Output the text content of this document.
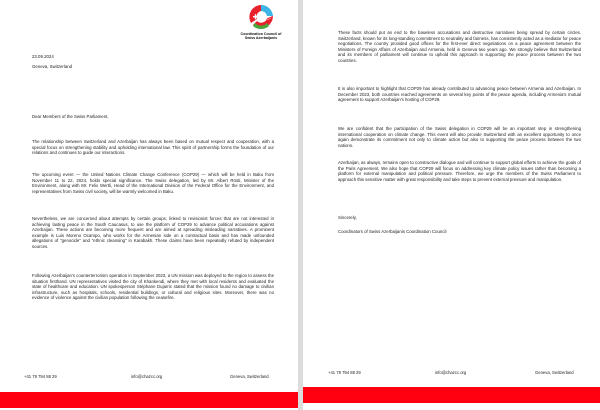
C*
Coordination Council of
Swiss Azerbaijanis

23.09.2024

Geneva, Switzerland

Dear Members of the Swiss Parliament,

The relationship between Switzerland and Azerbaijan has always been based on mutual respect and cooperation, with a special focus on strengthening stability and upholding international law. This spirit of partnership forms the foundation of our relations and continues to guide our interactions.

The upcoming event — the United Nations Climate Change Conference (COP29) — which will be held in Baku from November 11 to 22, 2024, holds special significance. The Swiss delegation, led by Mr. Albert Rösti, Minister of the Environment, along with Mr. Felix Wertli, Head of the International Division of the Federal Office for the Environment, and representatives from Swiss civil society, will be warmly welcomed in Baku.

Nevertheless, we are concerned about attempts by certain groups, linked to revisionist forces that are not interested in achieving lasting peace in the South Caucasus, to use the platform of COP29 to advance political accusations against Azerbaijan. These actions are becoming more frequent and are aimed at spreading misleading narratives. A prominent example is Luis Moreno Ocampo, who works for the Armenian side on a contractual basis and has made unfounded allegations of "genocide" and "ethnic cleansing" in Karabakh. These claims have been repeatedly refuted by independent sources.

Following Azerbaijan's counterterrorism operation in September 2023, a UN mission was deployed to the region to assess the situation firsthand. UN representatives visited the city of Khankendi, where they met with local residents and evaluated the state of healthcare and education. UN spokesperson Stéphane Dujarric stated that the mission found no damage to civilian infrastructure, such as hospitals, schools, residential buildings, or cultural and religious sites. Moreover, there was no evidence of violence against the civilian population following the ceasefire.

+41 79 794 88 29	info@chazcc.org	Geneva, Switzerland

These facts should put an end to the baseless accusations and destructive narratives being spread by certain circles. Switzerland, known for its long-standing commitment to neutrality and fairness, has consistently acted as a mediator for peace negotiations. The country provided good offices for the first-ever direct negotiations on a peace agreement between the Ministers of Foreign Affairs of Azerbaijan and Armenia, held in Geneva two years ago. We strongly believe that Switzerland and its members of parliament will continue to uphold this approach in supporting the peace process between the two countries.

It is also important to highlight that COP29 has already contributed to advancing peace between Armenia and Azerbaijan. In December 2023, both countries reached agreements on several key points of the peace agenda, including Armenia's mutual agreement to support Azerbaijan's hosting of COP29.

We are confident that the participation of the Swiss delegation in COP29 will be an important step in strengthening international cooperation on climate change. This event will also provide Switzerland with an excellent opportunity to once again demonstrate its commitment not only to climate action but also to supporting the peace process between the two nations.

Azerbaijan, as always, remains open to constructive dialogue and will continue to support global efforts to achieve the goals of the Paris Agreement. We also hope that COP29 will focus on addressing key climate policy issues rather than becoming a platform for external manipulation and political pressure. Therefore, we urge the members of the Swiss Parliament to approach this sensitive matter with great responsibility and take steps to prevent external pressure and manipulation.

Sincerely,

Coordinators of Swiss Azerbaijanis Coordination Council

+41 79 794 88 29	info@chazcc.org	Geneva, Switzerland
